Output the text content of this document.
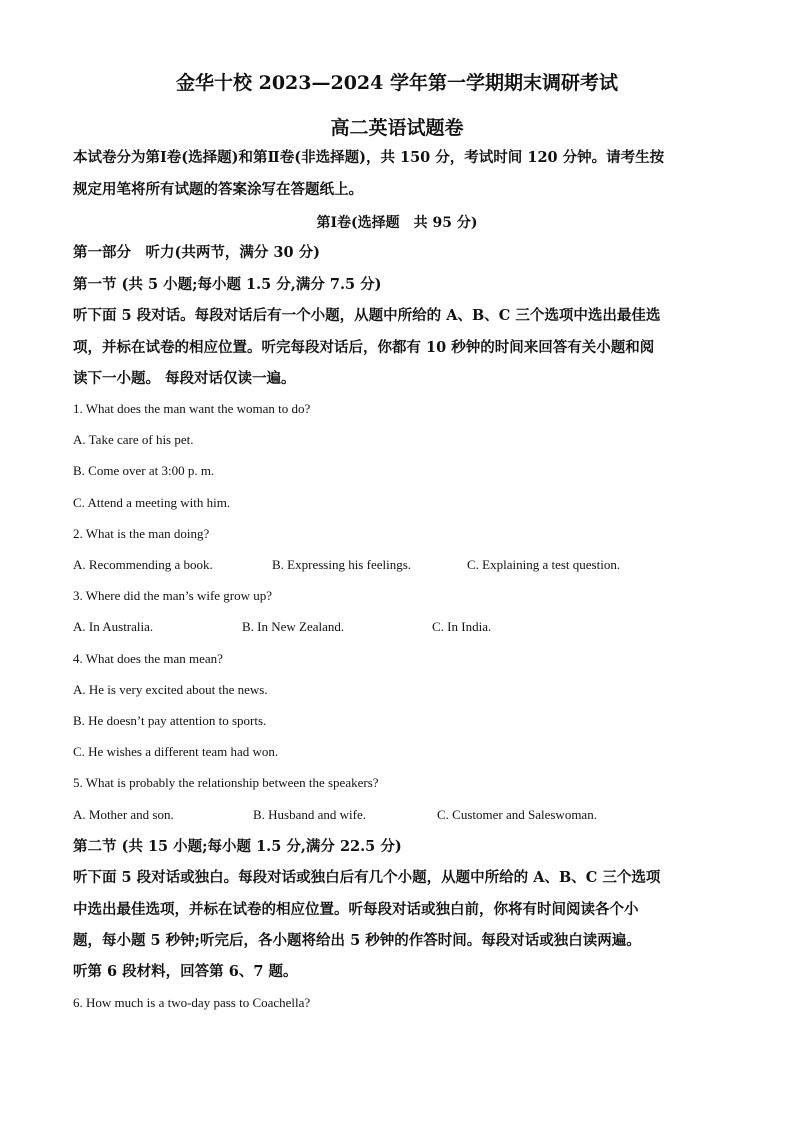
金华十校 2023—2024 学年第一学期期末调研考试
高二英语试题卷
本试卷分为第Ⅰ卷(选择题)和第Ⅱ卷(非选择题)，共 150 分，考试时间 120 分钟。请考生按
规定用笔将所有试题的答案涂写在答题纸上。
第Ⅰ卷(选择题　共 95 分)
第一部分　听力(共两节，满分 30 分)
第一节 (共 5 小题;每小题 1.5 分,满分 7.5 分)
听下面 5 段对话。每段对话后有一个小题，从题中所给的 A、B、C 三个选项中选出最佳选
项，并标在试卷的相应位置。听完每段对话后，你都有 10 秒钟的时间来回答有关小题和阅
读下一小题。 每段对话仅读一遍。
1. What does the man want the woman to do?
A. Take care of his pet.
B. Come over at 3:00 p. m.
C. Attend a meeting with him.
2. What is the man doing?
A. Recommending a book.	B. Expressing his feelings.	C. Explaining a test question.
3. Where did the man’s wife grow up?
A. In Australia.	B. In New Zealand.	C. In India.
4. What does the man mean?
A. He is very excited about the news.
B. He doesn’t pay attention to sports.
C. He wishes a different team had won.
5. What is probably the relationship between the speakers?
A. Mother and son.	B. Husband and wife.	C. Customer and Saleswoman.
第二节 (共 15 小题;每小题 1.5 分,满分 22.5 分)
听下面 5 段对话或独白。每段对话或独白后有几个小题，从题中所给的 A、B、C 三个选项
中选出最佳选项，并标在试卷的相应位置。听每段对话或独白前，你将有时间阅读各个小
题，每小题 5 秒钟;听完后，各小题将给出 5 秒钟的作答时间。每段对话或独白读两遍。
听第 6 段材料，回答第 6、7 题。
6. How much is a two-day pass to Coachella?
